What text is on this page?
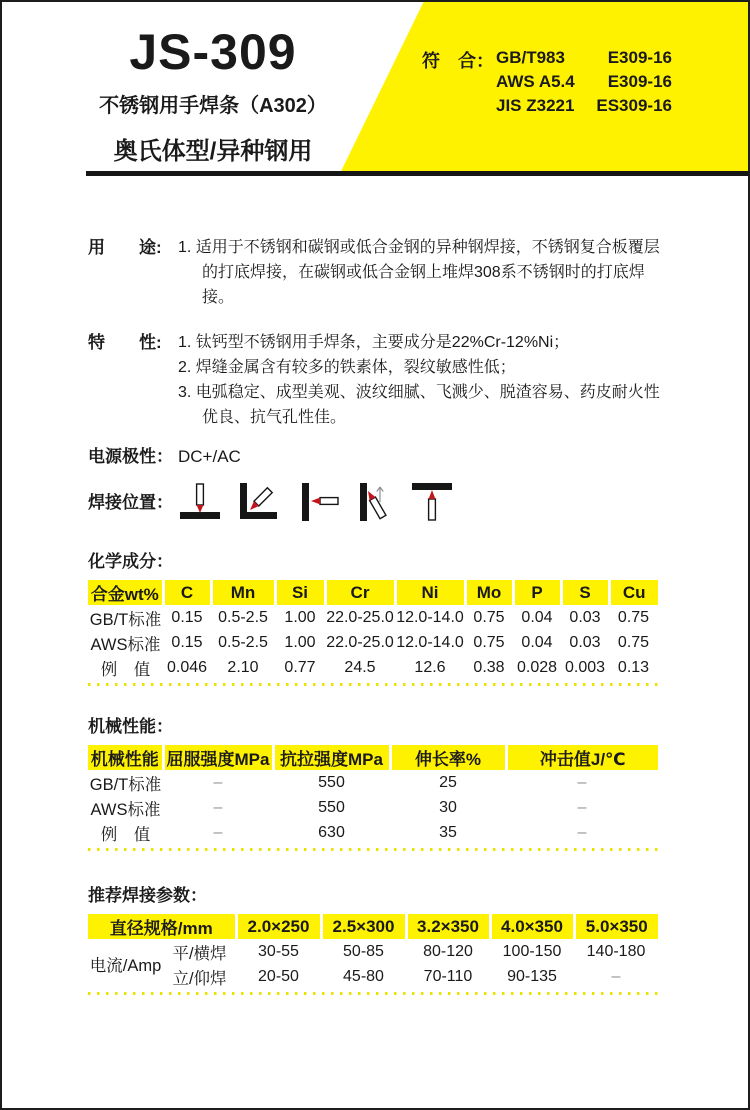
JS-309
不锈钢用手焊条（A302）
奥氏体型/异种钢用
符　合： GB/T983	E309-16
AWS A5.4	E309-16
JIS Z3221	ES309-16
用　　途: 1. 适用于不锈钢和碳钢或低合金钢的异种钢焊接，不锈钢复合板覆层的打底焊接，在碳钢或低合金钢上堆焊308系不锈钢时的打底焊接。
特　　性: 1. 钛钙型不锈钢用手焊条，主要成分是22%Cr-12%Ni；
2. 焊缝金属含有较多的铁素体，裂纹敏感性低；
3. 电弧稳定、成型美观、波纹细腻、飞溅少、脱渣容易、药皮耐火性优良、抗气孔性佳。
电源极性： DC+/AC
焊接位置：
化学成分：
合金wt%	C	Mn	Si	Cr	Ni	Mo	P	S	Cu
GB/T标准	0.15	0.5-2.5	1.00	22.0-25.0	12.0-14.0	0.75	0.04	0.03	0.75
AWS标准	0.15	0.5-2.5	1.00	22.0-25.0	12.0-14.0	0.75	0.04	0.03	0.75
例　值	0.046	2.10	0.77	24.5	12.6	0.38	0.028	0.003	0.13
机械性能：
机械性能	屈服强度MPa	抗拉强度MPa	伸长率%	冲击值J/℃
GB/T标准	–	550	25	–
AWS标准	–	550	30	–
例　值	–	630	35	–
推荐焊接参数：
直径规格/mm		2.0×250	2.5×300	3.2×350	4.0×350	5.0×350
电流/Amp	平/横焊	30-55	50-85	80-120	100-150	140-180
	立/仰焊	20-50	45-80	70-110	90-135	–
